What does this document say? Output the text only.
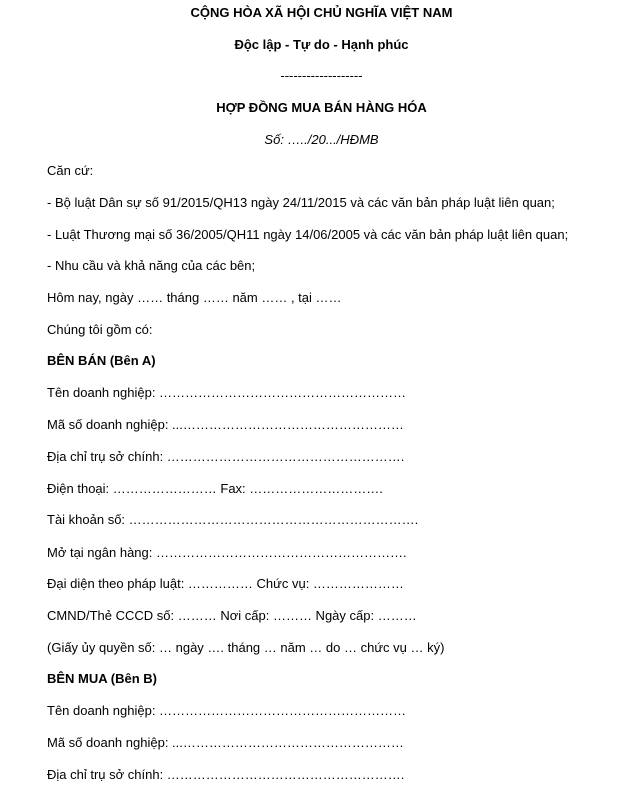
CỘNG HÒA XÃ HỘI CHỦ NGHĨA VIỆT NAM
Độc lập - Tự do - Hạnh phúc
-------------------
HỢP ĐỒNG MUA BÁN HÀNG HÓA
Số: …../20.../HĐMB
Căn cứ:
- Bộ luật Dân sự số 91/2015/QH13 ngày 24/11/2015 và các văn bản pháp luật liên quan;
- Luật Thương mại số 36/2005/QH11 ngày 14/06/2005 và các văn bản pháp luật liên quan;
- Nhu cầu và khả năng của các bên;
Hôm nay, ngày …… tháng …… năm …… , tại ……
Chúng tôi gồm có:
BÊN BÁN (Bên A)
Tên doanh nghiệp: …………………………………………………
Mã số doanh nghiệp: ...……………………………………………
Địa chỉ trụ sở chính: ……………………………………………….
Điện thoại: …………………… Fax: ………………………….
Tài khoản số: ………………………………………………………….
Mở tại ngân hàng: ………………………………………………….
Đại diện theo pháp luật: …………… Chức vụ: …………………
CMND/Thẻ CCCD số: ……… Nơi cấp: ……… Ngày cấp: ………
(Giấy ủy quyền số: … ngày …. tháng … năm … do … chức vụ … ký)
BÊN MUA (Bên B)
Tên doanh nghiệp: …………………………………………………
Mã số doanh nghiệp: ...……………………………………………
Địa chỉ trụ sở chính: ……………………………………………….
